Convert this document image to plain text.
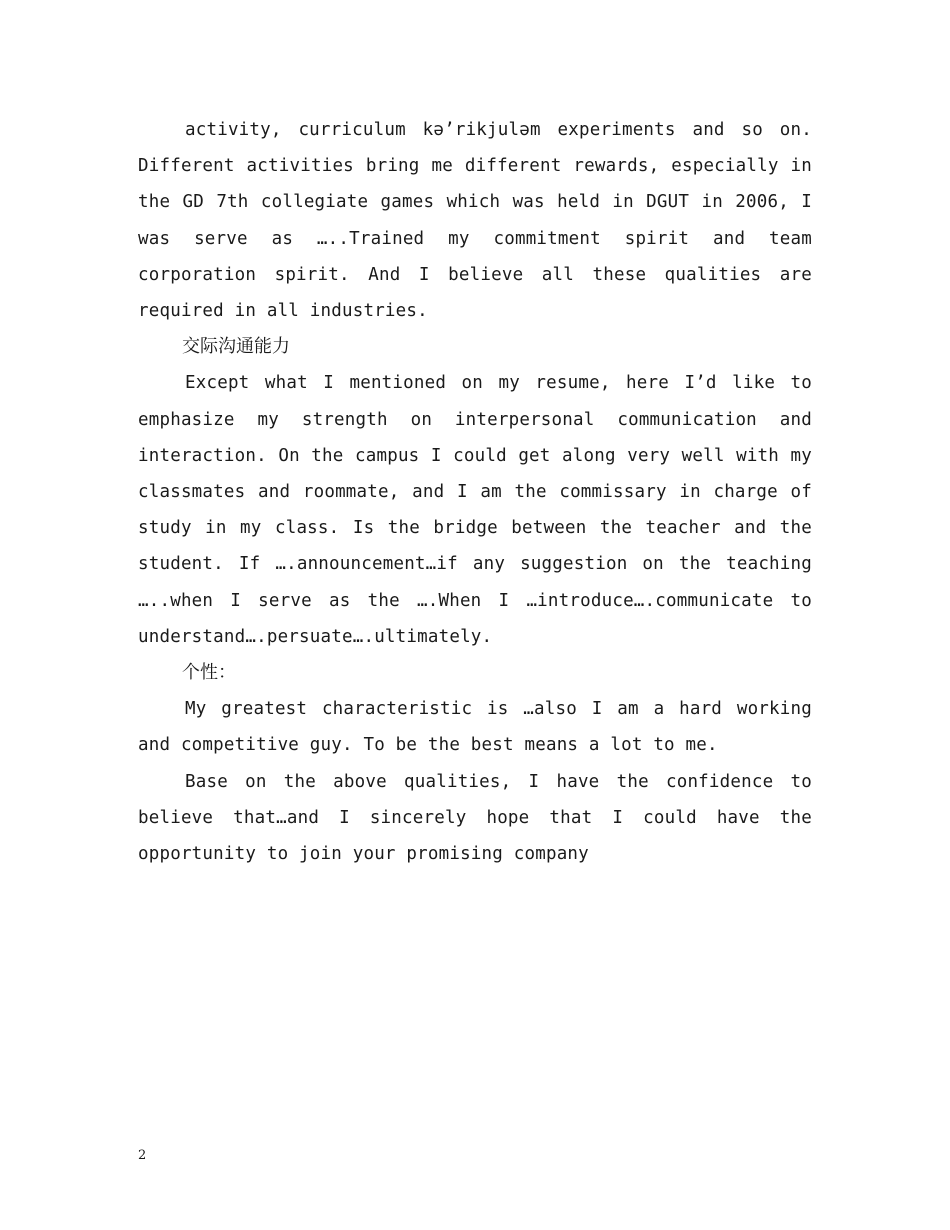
activity, curriculum kə’rikjuləm experiments and so on. Different activities bring me different rewards, especially in the GD 7th collegiate games which was held in DGUT in 2006, I was serve as …..Trained my commitment spirit and team corporation spirit. And I believe all these qualities are required in all industries.

交际沟通能力

Except what I mentioned on my resume, here I’d like to emphasize my strength on interpersonal communication and interaction. On the campus I could get along very well with my classmates and roommate, and I am the commissary in charge of study in my class. Is the bridge between the teacher and the student. If ….announcement…if any suggestion on the teaching …..when I serve as the ….When I …introduce….communicate to understand….persuate….ultimately.

个性：

My greatest characteristic is …also I am a hard working and competitive guy. To be the best means a lot to me.

Base on the above qualities, I have the confidence to believe that…and I sincerely hope that I could have the opportunity to join your promising company

2
